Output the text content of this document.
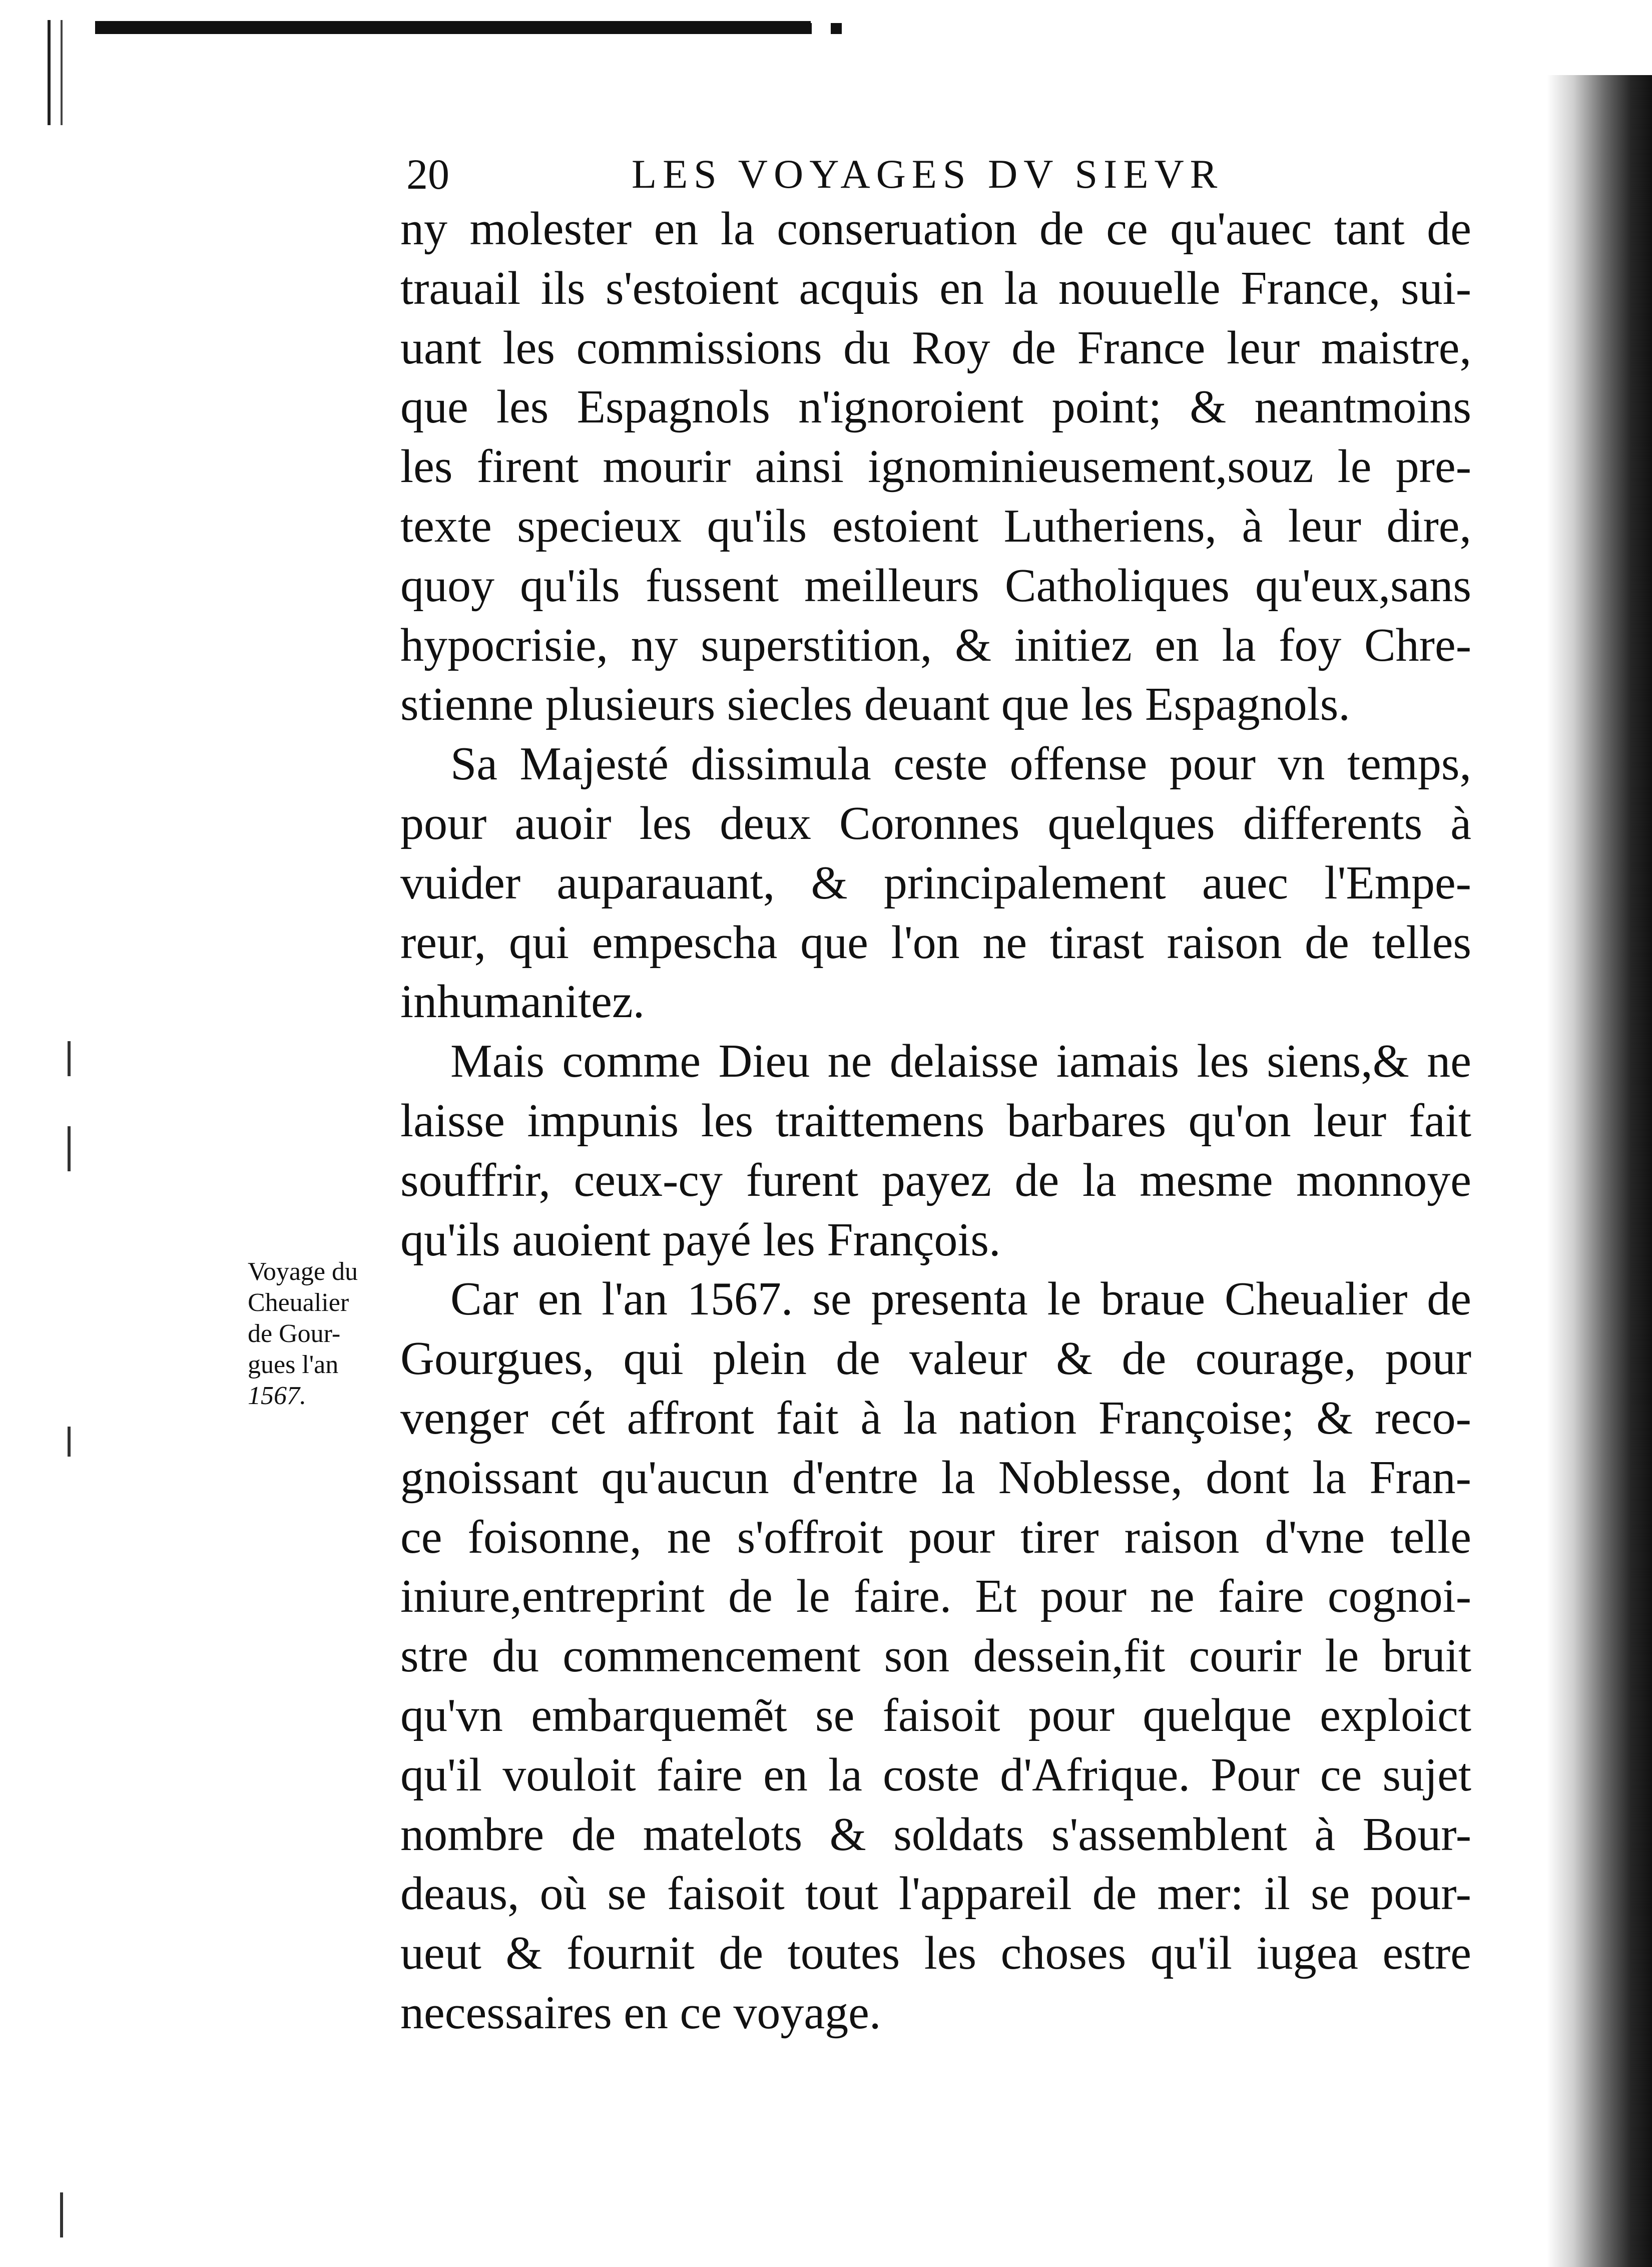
20	LES VOYAGES DV SIEVR
Voyage du
Cheualier
de Gour-
gues l'an
1567.
ny molester en la conseruation de ce qu'auec tant de
trauail ils s'estoient acquis en la nouuelle France, sui-
uant les commissions du Roy de France leur maistre,
que les Espagnols n'ignoroient point; & neantmoins
les firent mourir ainsi ignominieusement,souz le pre-
texte specieux qu'ils estoient Lutheriens, à leur dire,
quoy qu'ils fussent meilleurs Catholiques qu'eux,sans
hypocrisie, ny superstition, & initiez en la foy Chre-
stienne plusieurs siecles deuant que les Espagnols.
Sa Majesté dissimula ceste offense pour vn temps,
pour auoir les deux Coronnes quelques differents à
vuider auparauant, & principalement auec l'Empe-
reur, qui empescha que l'on ne tirast raison de telles
inhumanitez.
Mais comme Dieu ne delaisse iamais les siens,& ne
laisse impunis les traittemens barbares qu'on leur fait
souffrir, ceux-cy furent payez de la mesme monnoye
qu'ils auoient payé les François.
Car en l'an 1567. se presenta le braue Cheualier de
Gourgues, qui plein de valeur & de courage, pour
venger cét affront fait à la nation Françoise; & reco-
gnoissant qu'aucun d'entre la Noblesse, dont la Fran-
ce foisonne, ne s'offroit pour tirer raison d'vne telle
iniure,entreprint de le faire. Et pour ne faire cognoi-
stre du commencement son dessein,fit courir le bruit
qu'vn embarquemẽt se faisoit pour quelque exploict
qu'il vouloit faire en la coste d'Afrique. Pour ce sujet
nombre de matelots & soldats s'assemblent à Bour-
deaus, où se faisoit tout l'appareil de mer: il se pour-
ueut & fournit de toutes les choses qu'il iugea estre
necessaires en ce voyage.
